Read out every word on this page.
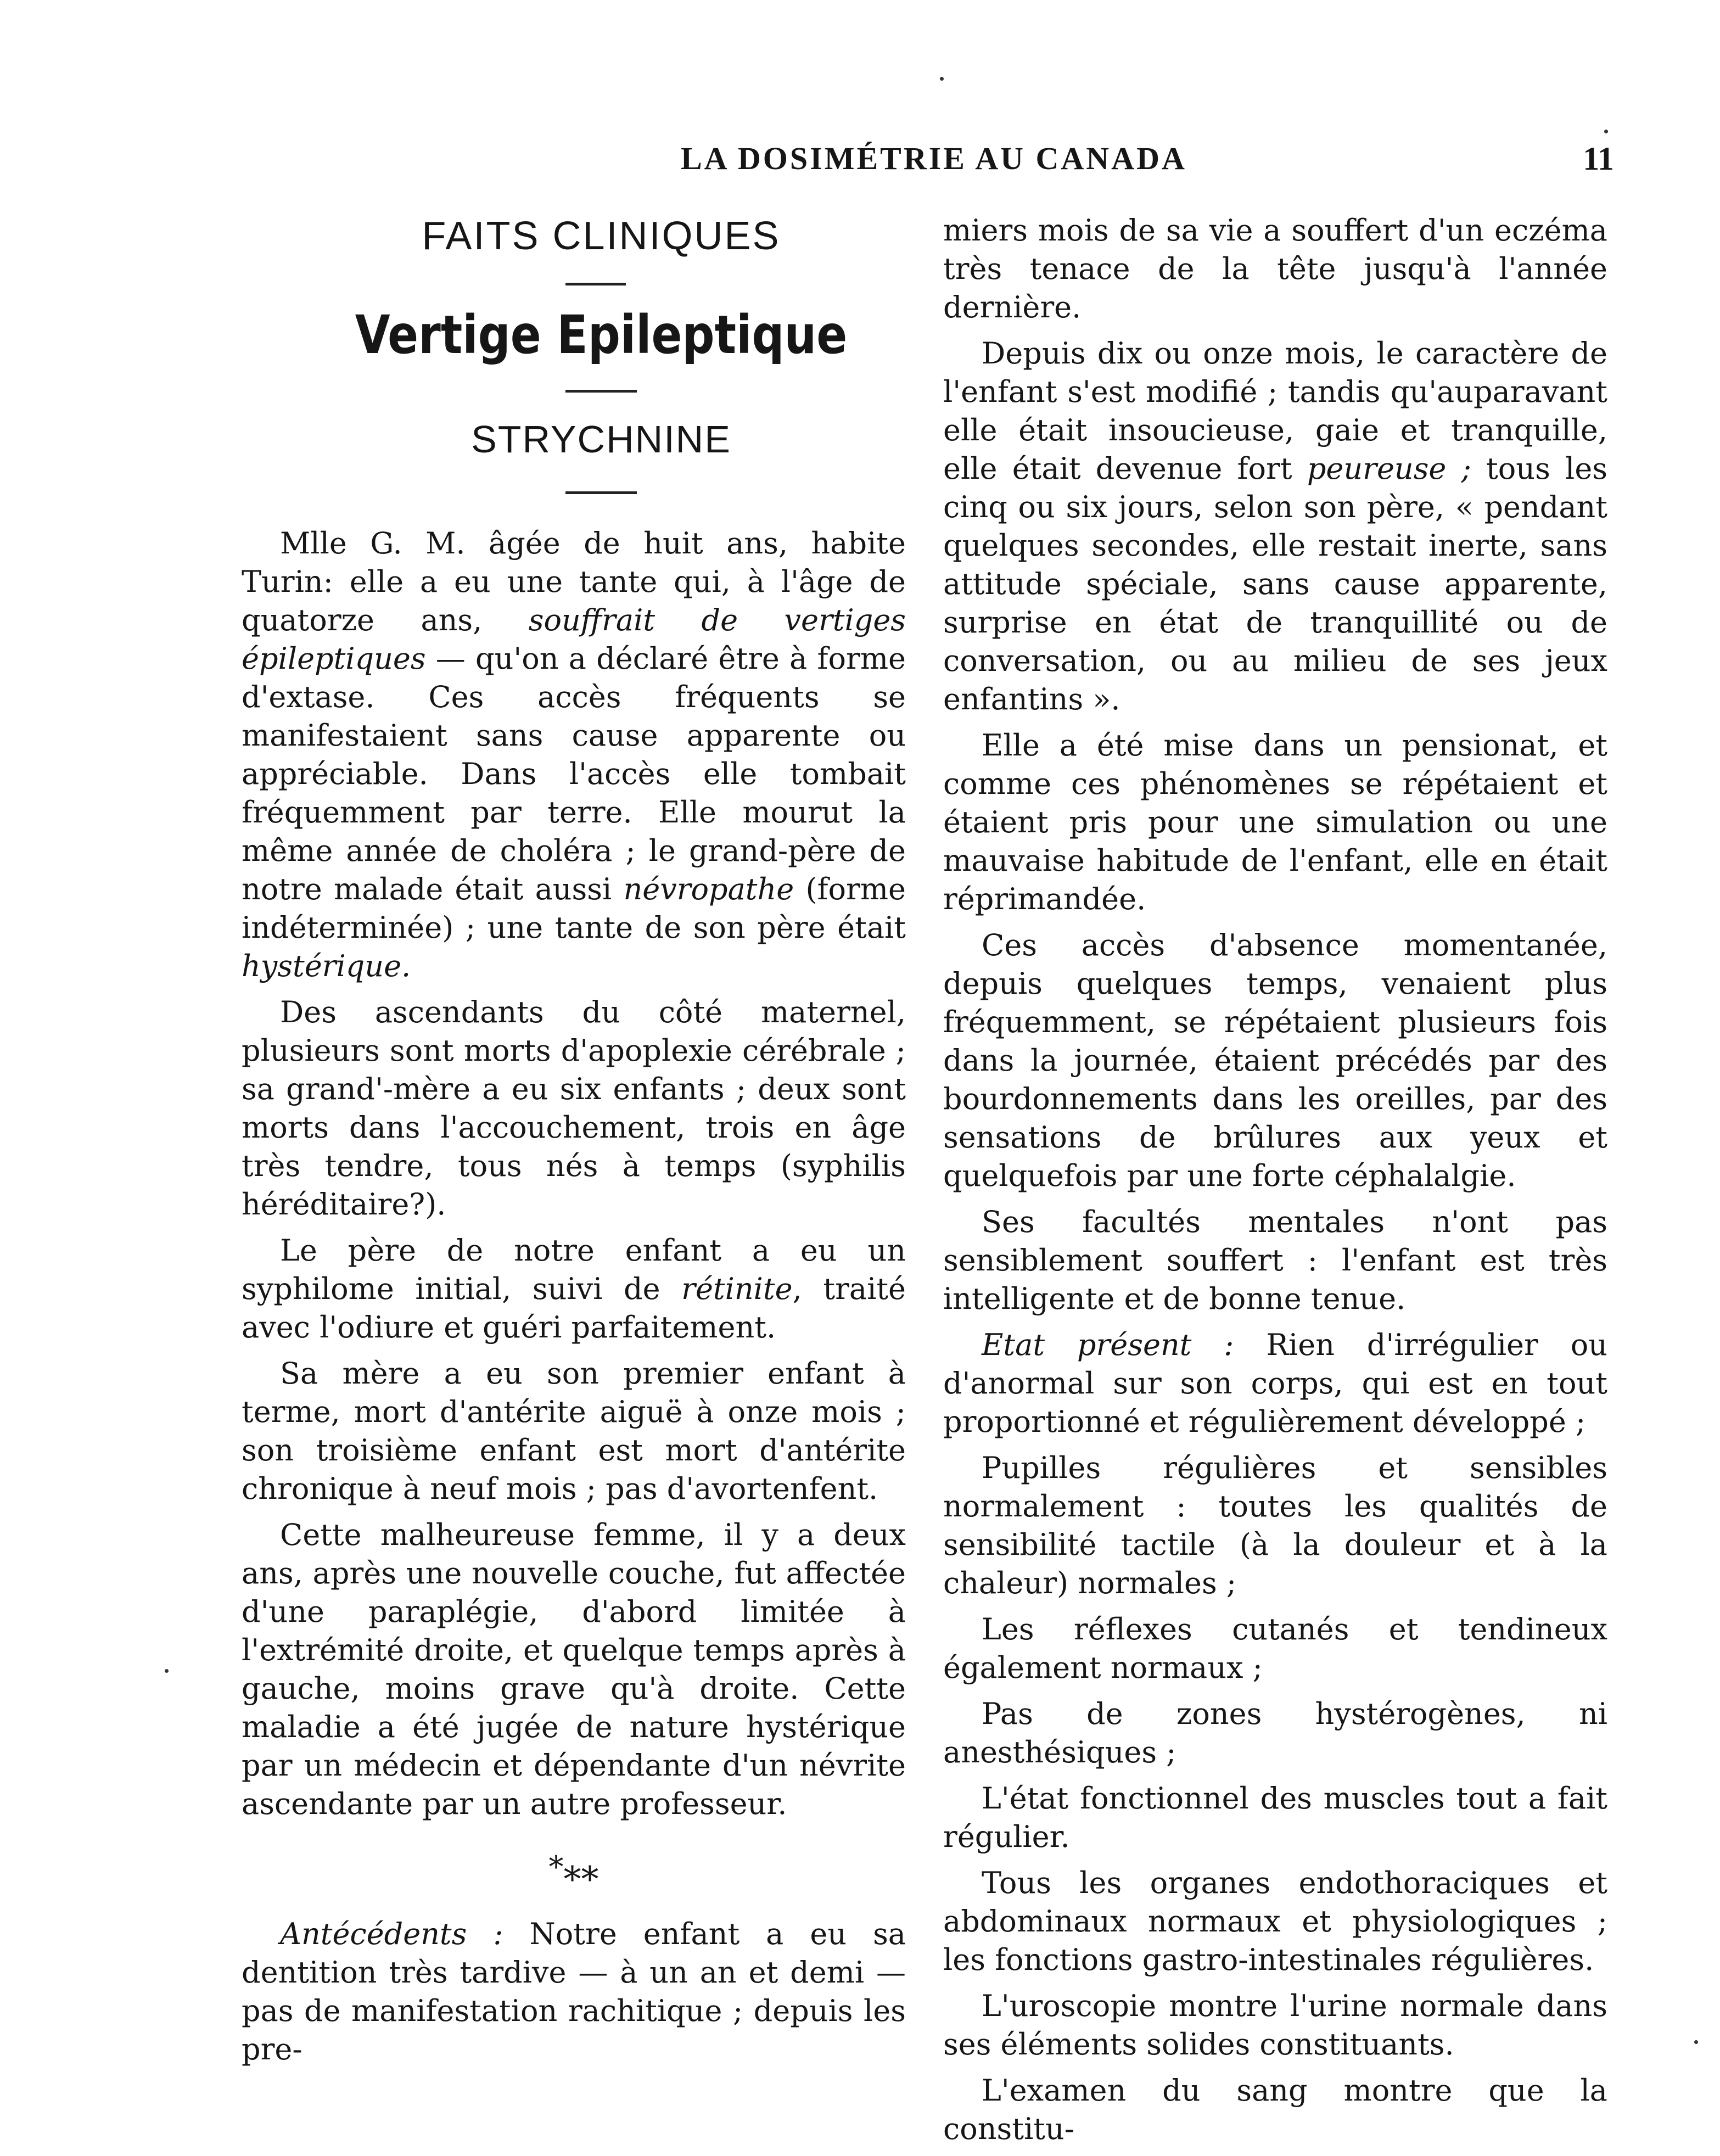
LA DOSIMÉTRIE AU CANADA	11
FAITS CLINIQUES
Vertige Epileptique
STRYCHNINE

Mlle G. M. âgée de huit ans, habite Turin: elle a eu une tante qui, à l'âge de quatorze ans, souffrait de vertiges épileptiques — qu'on a déclaré être à forme d'extase. Ces accès fréquents se manifestaient sans cause apparente ou appréciable. Dans l'accès elle tombait fréquemment par terre. Elle mourut la même année de choléra ; le grand-père de notre malade était aussi névropathe (forme indéterminée) ; une tante de son père était hystérique.

Des ascendants du côté maternel, plusieurs sont morts d'apoplexie cérébrale ; sa grand'-mère a eu six enfants ; deux sont morts dans l'accouchement, trois en âge très tendre, tous nés à temps (syphilis héréditaire?).

Le père de notre enfant a eu un syphilome initial, suivi de rétinite, traité avec l'odiure et guéri parfaitement.

Sa mère a eu son premier enfant à terme, mort d'antérite aiguë à onze mois ; son troisième enfant est mort d'antérite chronique à neuf mois ; pas d'avortenfent.

Cette malheureuse femme, il y a deux ans, après une nouvelle couche, fut affectée d'une paraplégie, d'abord limitée à l'extrémité droite, et quelque temps après à gauche, moins grave qu'à droite. Cette maladie a été jugée de nature hystérique par un médecin et dépendante d'un névrite ascendante par un autre professeur.

***

Antécédents : Notre enfant a eu sa dentition très tardive — à un an et demi — pas de manifestation rachitique ; depuis les pre-

miers mois de sa vie a souffert d'un eczéma très tenace de la tête jusqu'à l'année dernière.

Depuis dix ou onze mois, le caractère de l'enfant s'est modifié ; tandis qu'auparavant elle était insoucieuse, gaie et tranquille, elle était devenue fort peureuse ; tous les cinq ou six jours, selon son père, « pendant quelques secondes, elle restait inerte, sans attitude spéciale, sans cause apparente, surprise en état de tranquillité ou de conversation, ou au milieu de ses jeux enfantins ».

Elle a été mise dans un pensionat, et comme ces phénomènes se répétaient et étaient pris pour une simulation ou une mauvaise habitude de l'enfant, elle en était réprimandée.

Ces accès d'absence momentanée, depuis quelques temps, venaient plus fréquemment, se répétaient plusieurs fois dans la journée, étaient précédés par des bourdonnements dans les oreilles, par des sensations de brûlures aux yeux et quelquefois par une forte céphalalgie.

Ses facultés mentales n'ont pas sensiblement souffert : l'enfant est très intelligente et de bonne tenue.

Etat présent : Rien d'irrégulier ou d'anormal sur son corps, qui est en tout proportionné et régulièrement développé ;

Pupilles régulières et sensibles normalement : toutes les qualités de sensibilité tactile (à la douleur et à la chaleur) normales ;

Les réflexes cutanés et tendineux également normaux ;

Pas de zones hystérogènes, ni anesthésiques ;

L'état fonctionnel des muscles tout a fait régulier.

Tous les organes endothoraciques et abdominaux normaux et physiologiques ; les fonctions gastro-intestinales régulières.

L'uroscopie montre l'urine normale dans ses éléments solides constituants.

L'examen du sang montre que la constitu-
